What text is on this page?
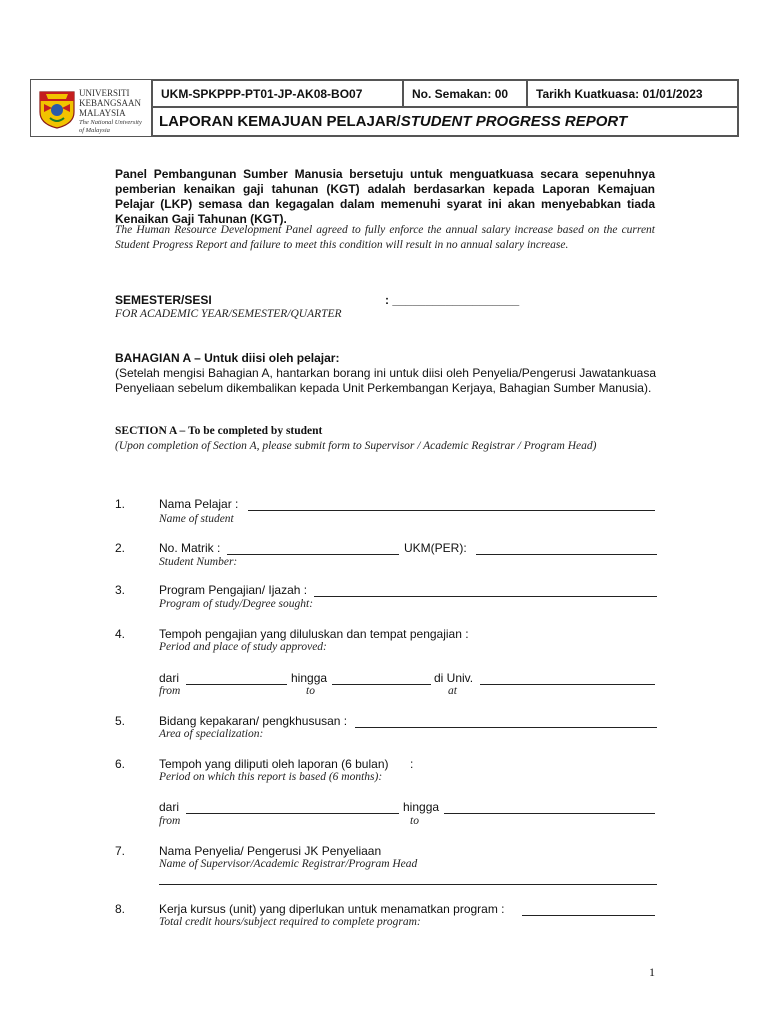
UNIVERSITI
KEBANGSAAN
MALAYSIA
The National University
of Malaysia
UKM-SPKPPP-PT01-JP-AK08-BO07	No. Semakan: 00	Tarikh Kuatkuasa: 01/01/2023
LAPORAN KEMAJUAN PELAJAR/ STUDENT PROGRESS REPORT
Panel Pembangunan Sumber Manusia bersetuju untuk menguatkuasa secara sepenuhnya pemberian kenaikan gaji tahunan (KGT) adalah berdasarkan kepada Laporan Kemajuan Pelajar (LKP) semasa dan kegagalan dalam memenuhi syarat ini akan menyebabkan tiada Kenaikan Gaji Tahunan (KGT).
The Human Resource Development Panel agreed to fully enforce the annual salary increase based on the current Student Progress Report and failure to meet this condition will result in no annual salary increase.
SEMESTER/SESI	: ___________________
FOR ACADEMIC YEAR/SEMESTER/QUARTER
BAHAGIAN A – Untuk diisi oleh pelajar:
(Setelah mengisi Bahagian A, hantarkan borang ini untuk diisi oleh Penyelia/Pengerusi Jawatankuasa Penyeliaan sebelum dikembalikan kepada Unit Perkembangan Kerjaya, Bahagian Sumber Manusia).
SECTION A – To be completed by student
(Upon completion of Section A, please submit form to Supervisor / Academic Registrar / Program Head)
1.	Nama Pelajar :
Name of student
2.	No. Matrik :	UKM(PER):
Student Number:
3.	Program Pengajian/ Ijazah :
Program of study/Degree sought:
4.	Tempoh pengajian yang diluluskan dan tempat pengajian :
Period and place of study approved:
dari	hingga	di Univ.
from	to	at
5.	Bidang kepakaran/ pengkhususan :
Area of specialization:
6.	Tempoh yang diliputi oleh laporan (6 bulan) :
Period on which this report is based (6 months):
dari	hingga
from	to
7.	Nama Penyelia/ Pengerusi JK Penyeliaan
Name of Supervisor/Academic Registrar/Program Head
8.	Kerja kursus (unit) yang diperlukan untuk menamatkan program :
Total credit hours/subject required to complete program:
1
